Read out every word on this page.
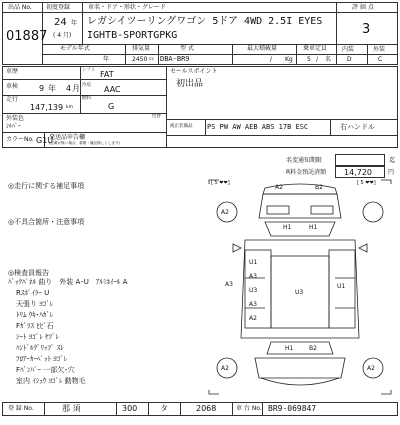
出品 No.
01887
初度登録
24 年
( 4 月)
車名・ドア・形状・グレード
レガシイツーリングワゴン 5ドア 4WD 2.5I EYES
IGHTB-SPORTGPKG
評 価 点
3
内装	外装
D	C
モデル年式
年
排気量
2450 cc
型 式
DBA-BR9
最大積載量
/ Kg
乗車定員
5 / 名
車歴	シフト FAT
車検	9 年 4 月 冷房 AAC
走行
147,139 km
燃料
G
外装色
ｼﾙﾊﾞｰ
色替
カラーNo. G1U
発送品申告欄
(記載が無い場合、書類・備品無しとします)
セールスポイント
初出品
純正装備品 PS PW AW AEB ABS 17B ESC	右ハンドル
名変通知期限	迄
R料金預託済額 14,720	円
◎走行に関する補足事項
◎不具合箇所・注意事項
◎検査員報告
ﾊﾞｯｸﾊﾟﾈﾙ 曲り　外装 A･U　ｱﾙﾐﾎｲｰﾙ A
Rｽﾎﾟｲﾗｰ U
天張り ﾖｺﾞﾚ
ﾄﾘﾑ ｳｷ･ﾊｶﾞﾚ
Fｶﾞﾗｽ ﾋﾋﾞ石
ｼｰﾄ ﾖｺﾞﾚ ﾔﾌﾞﾚ
ﾊﾝﾄﾞﾙｸﾞﾘｯﾌﾟ ｽﾚ
ﾌﾛｱｰｶｰﾍﾟｯﾄ ﾖｺﾞﾚ
Fﾊﾞﾝﾊﾟｰ 一部欠･穴
室内 ｲｼｭｳ ﾖｺﾞﾚ 動物毛
[ 5 ❤❤]	[ 5 ❤❤]
A2	B2
A2
H1	H1
U1
A3
A3
U3	U3
A3
U1
A2
A2	A2
H1	B2
登 録 No.	那 須	300	タ	2068	車 台 No. BR9-069847
